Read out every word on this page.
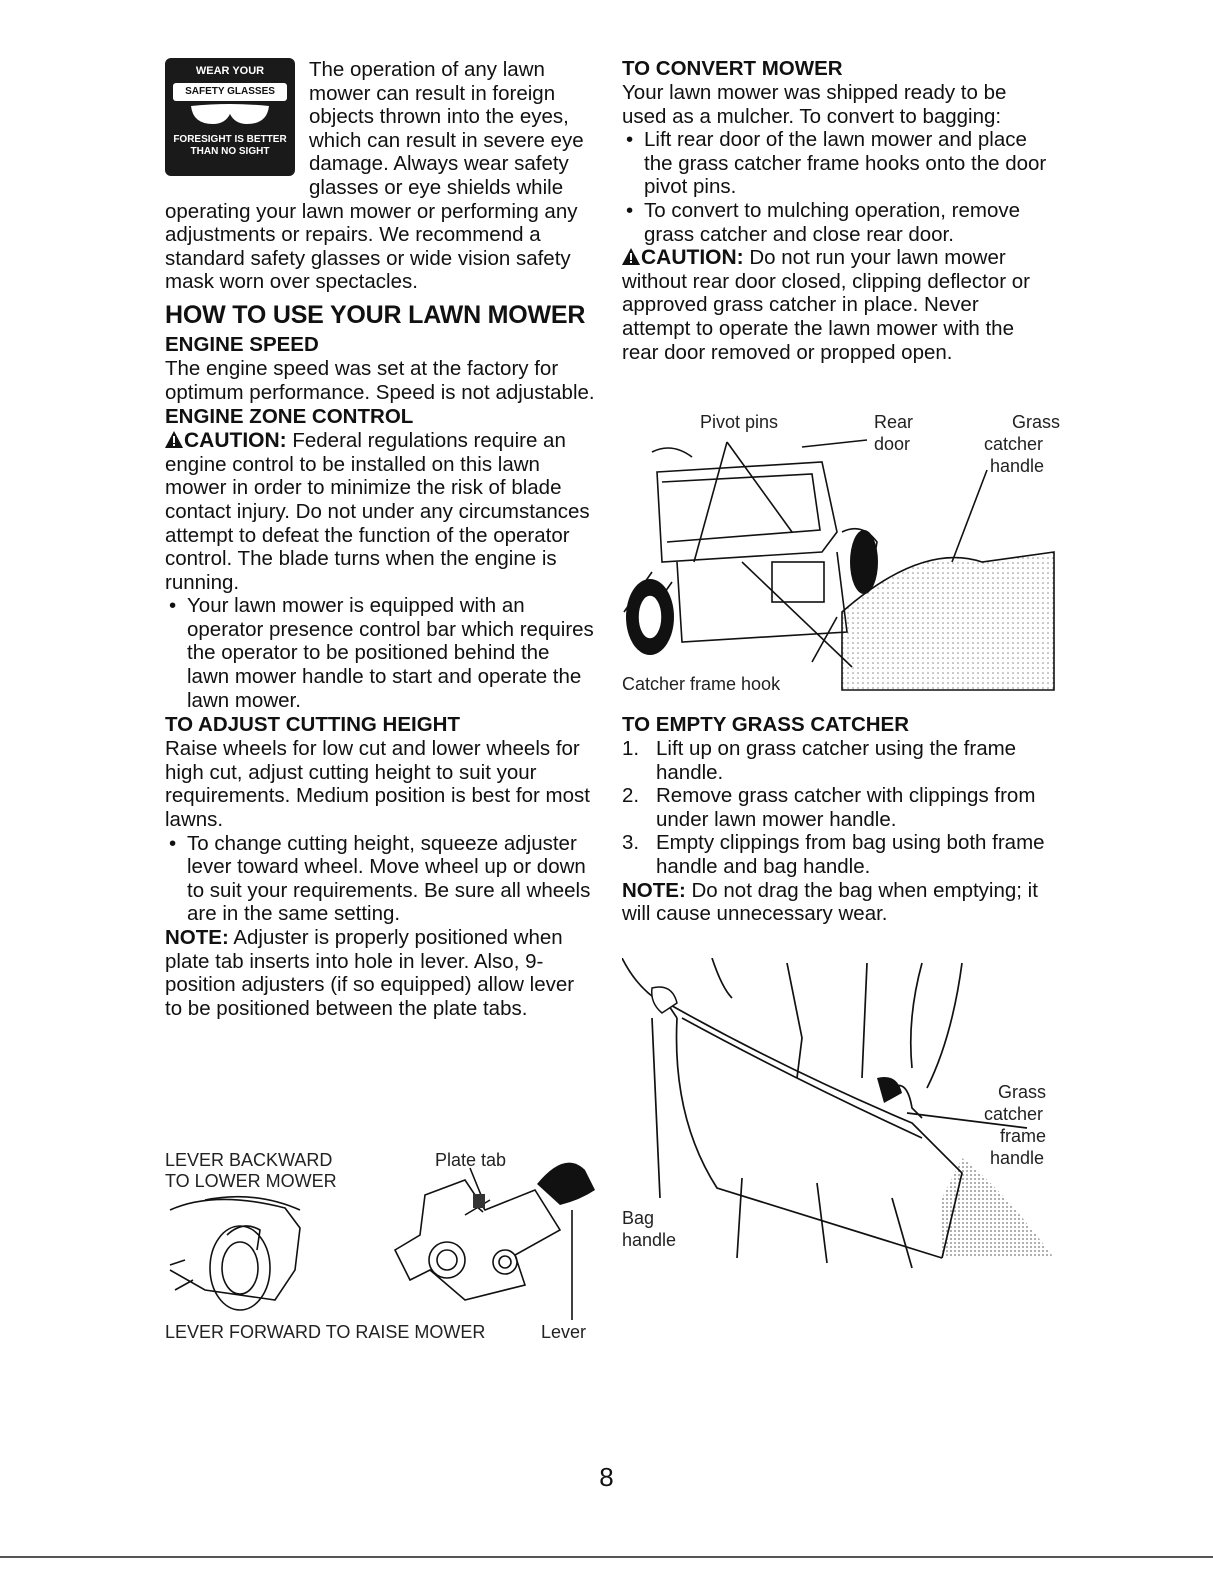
WEAR YOUR
SAFETY GLASSES
FORESIGHT IS BETTER
THAN NO SIGHT

The operation of any lawn mower can result in foreign objects thrown into the eyes, which can result in severe eye damage. Always wear safety glasses or eye shields while operating your lawn mower or performing any adjustments or repairs. We recommend a standard safety glasses or wide vision safety mask worn over spectacles.

HOW TO USE YOUR LAWN MOWER
ENGINE SPEED

The engine speed was set at the factory for optimum performance. Speed is not adjustable.

ENGINE ZONE CONTROL

CAUTION: Federal regulations require an engine control to be installed on this lawn mower in order to minimize the risk of blade contact injury. Do not under any circumstances attempt to defeat the function of the operator control. The blade turns when the engine is running.

• Your lawn mower is equipped with an operator presence control bar which requires the operator to be positioned behind the lawn mower handle to start and operate the lawn mower.
TO ADJUST CUTTING HEIGHT

Raise wheels for low cut and lower wheels for high cut, adjust cutting height to suit your requirements. Medium position is best for most lawns.

• To change cutting height, squeeze adjuster lever toward wheel. Move wheel up or down to suit your requirements. Be sure all wheels are in the same setting.

NOTE: Adjuster is properly positioned when plate tab inserts into hole in lever. Also, 9-position adjusters (if so equipped) allow lever to be positioned between the plate tabs.

LEVER BACKWARD
TO LOWER MOWER
Plate tab
LEVER FORWARD TO RAISE MOWER	Lever
TO CONVERT MOWER

Your lawn mower was shipped ready to be used as a mulcher. To convert to bagging:

• Lift rear door of the lawn mower and place the grass catcher frame hooks onto the door pivot pins.
• To convert to mulching operation, remove grass catcher and close rear door.

CAUTION: Do not run your lawn mower without rear door closed, clipping deflector or approved grass catcher in place. Never attempt to operate the lawn mower with the rear door removed or propped open.

Pivot pins	Rear
door
Grass
catcher
handle
Catcher frame hook
TO EMPTY GRASS CATCHER
1. Lift up on grass catcher using the frame handle.
2. Remove grass catcher with clippings from under lawn mower handle.
3. Empty clippings from bag using both frame handle and bag handle.

NOTE: Do not drag the bag when emptying; it will cause unnecessary wear.

Bag
handle
Grass
catcher
frame
handle
8
